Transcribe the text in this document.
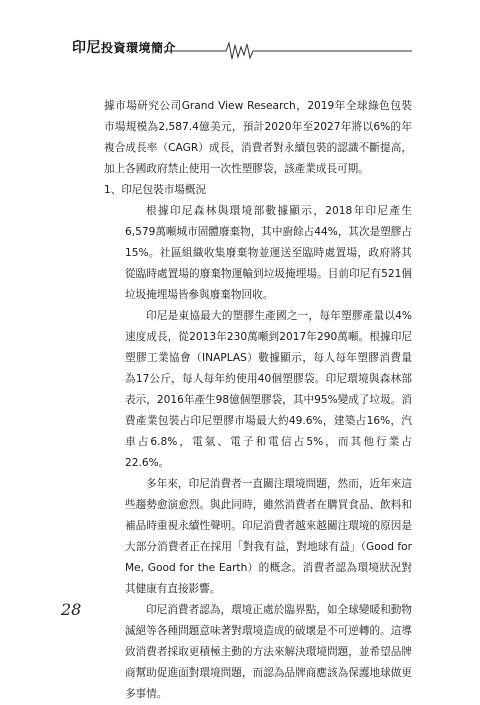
印尼投資環境簡介

據市場研究公司Grand View Research，2019年全球綠色包裝市場規模為2,587.4億美元，預計2020年至2027年將以6%的年複合成長率（CAGR）成長，消費者對永續包裝的認識不斷提高，加上各國政府禁止使用一次性塑膠袋，該產業成長可期。

1、印尼包裝市場概況

根據印尼森林與環境部數據顯示，2018年印尼產生6,579萬噸城市固體廢棄物，其中廚餘占44%，其次是塑膠占15%。社區組織收集廢棄物並運送至臨時處置場，政府將其從臨時處置場的廢棄物運輸到垃圾掩埋場。目前印尼有521個垃圾掩埋場皆參與廢棄物回收。

印尼是東協最大的塑膠生產國之一，每年塑膠產量以4%速度成長，從2013年230萬噸到2017年290萬噸。根據印尼塑膠工業協會（INAPLAS）數據顯示，每人每年塑膠消費量為17公斤，每人每年約使用40個塑膠袋。印尼環境與森林部表示，2016年產生98億個塑膠袋，其中95%變成了垃圾。消費產業包裝占印尼塑膠市場最大約49.6%，建築占16%，汽車占6.8%，電氣、電子和電信占5%，而其他行業占22.6%。

多年來，印尼消費者一直關注環境問題，然而，近年來這些趨勢愈演愈烈。與此同時，雖然消費者在購買食品、飲料和補品時重視永續性聲明。印尼消費者越來越關注環境的原因是大部分消費者正在採用「對我有益，對地球有益」（Good for Me, Good for the Earth）的概念。消費者認為環境狀況對其健康有直接影響。

印尼消費者認為，環境正處於臨界點，如全球變暖和動物滅絕等各種問題意味著對環境造成的破壞是不可逆轉的。這導致消費者採取更積極主動的方法來解決環境問題，並希望品牌商幫助促進面對環境問題，而認為品牌商應該為保護地球做更多事情。

28
